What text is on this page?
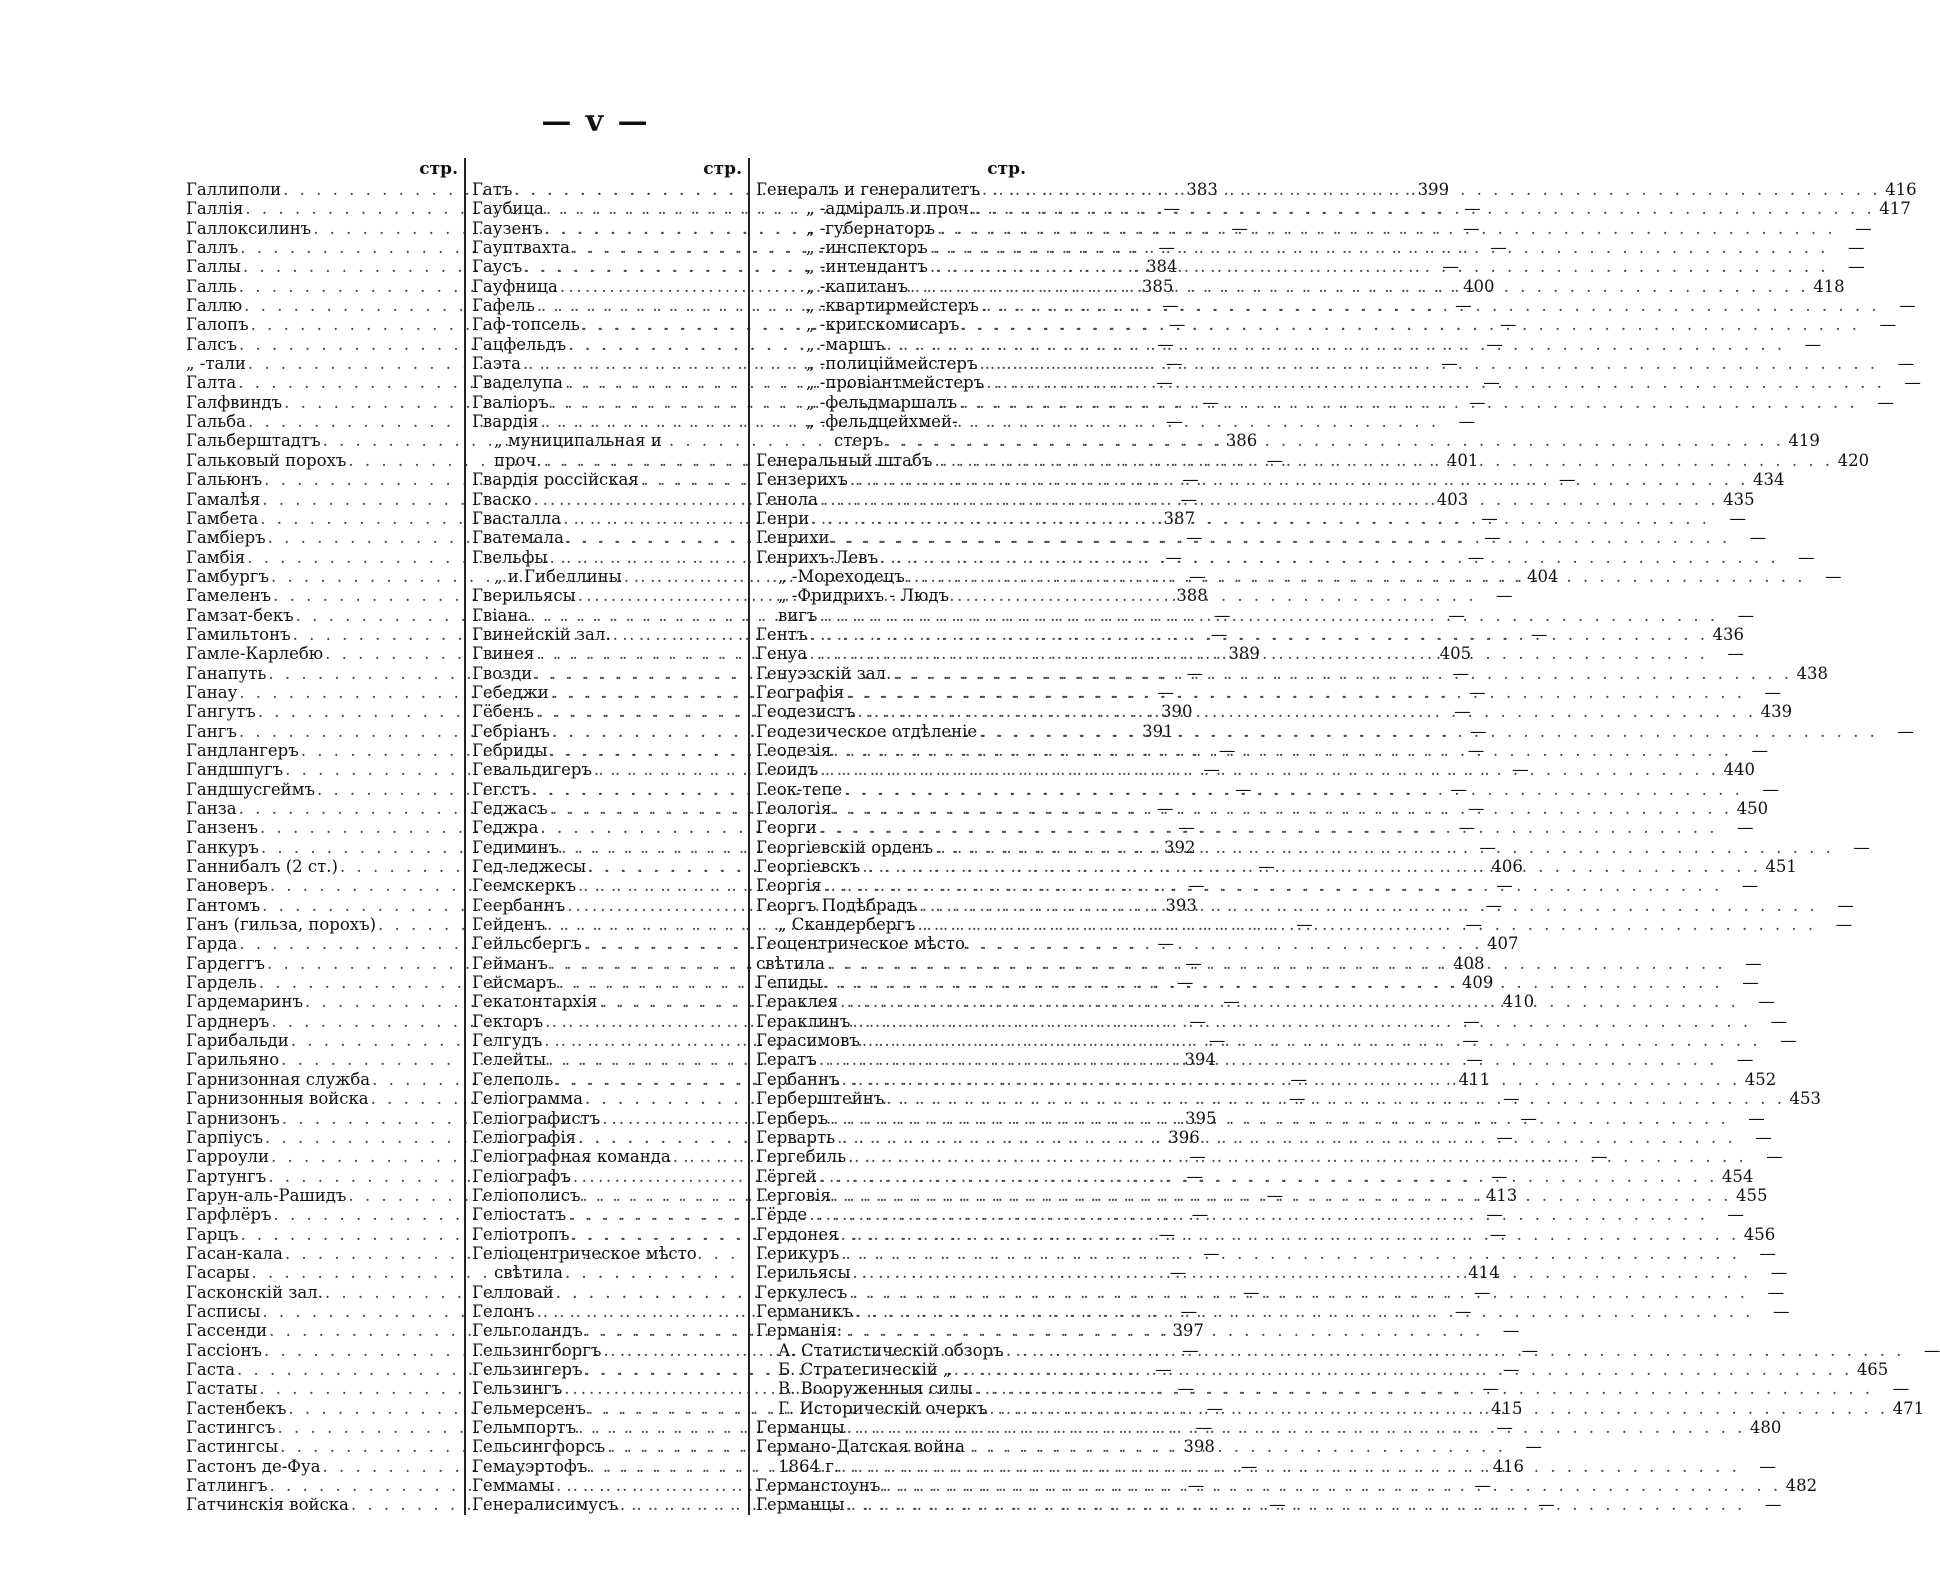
— v —
стр.
Галлиполи . . .	383
Галлія . . .	—
Галлоксилинъ . . .	—
Галлъ . . .	—
Галлы . . .	384
Галль . . .	385
Галлю . . .	—
Галопъ . . .	—
Галсъ . . .	—
„ -тали . . .	—
Галта . . .	—
Галфвиндъ . . .	—
Гальба . . .	—
Гальберштадтъ . . .	386
Гальковый порохъ . . .	—
Гальюнъ . . .	—
Гамалѣя . . .	—
Гамбета . . .	387
Гамбіеръ . . .	—
Гамбія . . .	—
Гамбургъ . . .	—
Гамеленъ . . .	388
Гамзат-бекъ . . .	—
Гамильтонъ . . .	—
Гамле-Карлебю . . .	389
Ганапуть . . .	—
Ганау . . .	—
Гангутъ . . .	390
Гангъ . . .	391
Гандлангеръ . . .	—
Гандшпугъ . . .	—
Гандшусгеймъ . . .	—
Ганза . . .	—
Ганзенъ . . .	—
Ганкуръ . . .	392
Ганнибалъ (2 ст.) . . .	—
Гановеръ . . .	—
Гантомъ . . .	393
Ганъ (гильза, порохъ) . . .	—
Гарда . . .	—
Гардеггъ . . .	—
Гардель . . .	—
Гардемаринъ . . .	—
Гарднеръ . . .	—
Гарибальди . . .	—
Гарильяно . . .	394
Гарнизонная служба . . .	—
Гарнизонныя войска . . .	—
Гарнизонъ . . .	395
Гарпіусъ . . .	396
Гарроули . . .	—
Гартунгъ . . .	—
Гарун-аль-Рашидъ . . .	—
Гарфлёръ . . .	—
Гарцъ . . .	—
Гасан-кала . . .	—
Гасары . . .	—
Гасконскій зал. . . .	—
Гасписы . . .	—
Гассенди . . .	397
Гассіонъ . . .	—
Гаста . . .	—
Гастаты . . .	—
Гастенбекъ . . .	—
Гастингсъ . . .	—
Гастингсы . . .	398
Гастонъ де-Фуа . . .	—
Гатлингъ . . .	—
Гатчинскія войска . . .	—
стр.
Гатъ . . .	399
Гаубица . . .	—
Гаузенъ . . .	—
Гауптвахта . . .	—
Гаусъ . . .	—
Гауфница . . .	400
Гафель . . .	—
Гаф-топсель . . .	—
Гацфельдъ . . .	—
Гаэта . . .	—
Гваделупа . . .	—
Гваліоръ . . .	—
Гвардія . . .	—
„ муниципальная и
проч. . . .	401
Гвардія россійская . . .	—
Гваско . . .	403
Гвасталла . . .	—
Гватемала . . .	—
Гвельфы . . .	—
„ и Гибеллины . . .	404
Гверильясы . . .	—
Гвіана . . .	—
Гвинейскій зал. . . .	—
Гвинея . . .	405
Гвозди . . .	—
Гебеджи . . .	—
Гёбенъ . . .	—
Гебріанъ . . .	—
Гебриды . . .	—
Гевальдигеръ . . .	—
Гегстъ . . .	—
Геджасъ . . .	—
Геджра . . .	—
Гедиминъ . . .	—
Гед-леджесы . . .	406
Геемскеркъ . . .	—
Геербаннъ . . .	—
Гейденъ . . .	—
Гейльсбергъ . . .	407
Гейманъ . . .	408
Гейсмаръ . . .	409
Гекатонтархія . . .	410
Гекторъ . . .	—
Гелгудъ . . .	—
Гелейты . . .	—
Гелеполь . . .	411
Геліограмма . . .	—
Геліографистъ . . .	—
Геліографія . . .	—
Геліографная команда . . .	—
Геліографъ . . .	—
Геліополисъ . . .	413
Геліостатъ . . .	—
Геліотропъ . . .	—
Геліоцентрическое мѣсто
свѣтила . . .	414
Гелловай . . .	—
Гелонъ . . .	—
Гельголандъ . . .	—
Гельзингборгъ . . .	—
Гельзингеръ . . .	—
Гельзингъ . . .	—
Гельмерсенъ . . .	415
Гельмпортъ . . .	—
Гельсингфорсъ . . .	—
Гемауэртофъ . . .	416
Геммамы . . .	—
Генералисимусъ . . .	—
стр.
Генералъ и генералитетъ . . .	416
„ -адміралъ и проч. . . .	417
„ -губернаторъ . . .	—
„ -инспекторъ . . .	—
„ -интендантъ . . .	—
„ -капитанъ . . .	418
„ -квартирмейстеръ . . .	—
„ -кригскомисаръ . . .	—
„ -маршъ . . .	—
„ -полиціймейстеръ . . .	—
„ -провіантмейстеръ . . .	—
„ -фельдмаршалъ . . .	—
„ -фельдцейхмей-
стеръ . . .	419
Генеральный штабъ . . .	420
Гензерихъ . . .	434
Генола . . .	435
Генри . . .	—
Генрихи . . .	—
Генрихъ-Левъ . . .	—
„ -Мореходецъ . . .	—
„ -Фридрихъ - Людъ
вигъ . . .	—
Гентъ . . .	436
Генуа . . .	—
Генуэзскій зал. . . .	438
Географія . . .	—
Геодезистъ . . .	439
Геодезическое отдѣленіе . . .	—
Геодезія . . .	—
Геоидъ . . .	440
Геок-тепе . . .	—
Геологія . . .	450
Георги . . .	—
Георгіевскій орденъ . . .	—
Георгіевскъ . . .	451
Георгія . . .	—
Георгъ Подѣбрадъ . . .	—
„ Скандербергъ . . .	—
Геоцентрическое мѣсто
свѣтила . . .	—
Гепиды . . .	—
Гераклея . . .	—
Гераклинъ . . .	—
Герасимовъ . . .	—
Гератъ . . .	—
Гербаннъ . . .	452
Герберштейнъ . . .	453
Герберъ . . .	—
Герварть . . .	—
Гергебиль . . .	—
Гёргей . . .	454
Герговія . . .	455
Гёрде . . .	—
Гердонея . . .	456
Герикуръ . . .	—
Герильясы . . .	—
Геркулесъ . . .	—
Германикъ . . .	—
Германія:
А. Статистическій обзоръ . . .	—
Б. Стратегическій „ . . .	465
В. Вооруженныя силы . . .	—
Г. Историческій очеркъ . . .	471
Германцы . . .	480
Германо-Датская война
1864 г. . . .	—
Германстоунъ . . .	482
Германцы . . .	—
